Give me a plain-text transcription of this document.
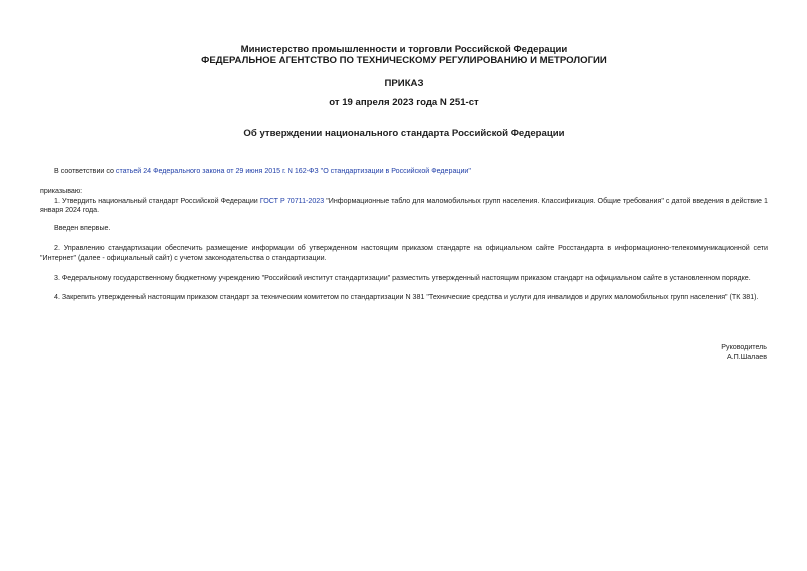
Министерство промышленности и торговли Российской Федерации
ФЕДЕРАЛЬНОЕ АГЕНТСТВО ПО ТЕХНИЧЕСКОМУ РЕГУЛИРОВАНИЮ И МЕТРОЛОГИИ
ПРИКАЗ
от 19 апреля 2023 года N 251-ст
Об утверждении национального стандарта Российской Федерации

В соответствии со статьей 24 Федерального закона от 29 июня 2015 г. N 162-ФЗ "О стандартизации в Российской Федерации"

приказываю:

1. Утвердить национальный стандарт Российской Федерации ГОСТ Р 70711-2023 "Информационные табло для маломобильных групп населения. Классификация. Общие требования" с датой введения в действие 1 января 2024 года.

Введен впервые.

2. Управлению стандартизации обеспечить размещение информации об утвержденном настоящим приказом стандарте на официальном сайте Росстандарта в информационно-телекоммуникационной сети "Интернет" (далее - официальный сайт) с учетом законодательства о стандартизации.

3. Федеральному государственному бюджетному учреждению "Российский институт стандартизации" разместить утвержденный настоящим приказом стандарт на официальном сайте в установленном порядке.

4. Закрепить утвержденный настоящим приказом стандарт за техническим комитетом по стандартизации N 381 "Технические средства и услуги для инвалидов и других маломобильных групп населения" (ТК 381).

Руководитель
А.П.Шалаев
